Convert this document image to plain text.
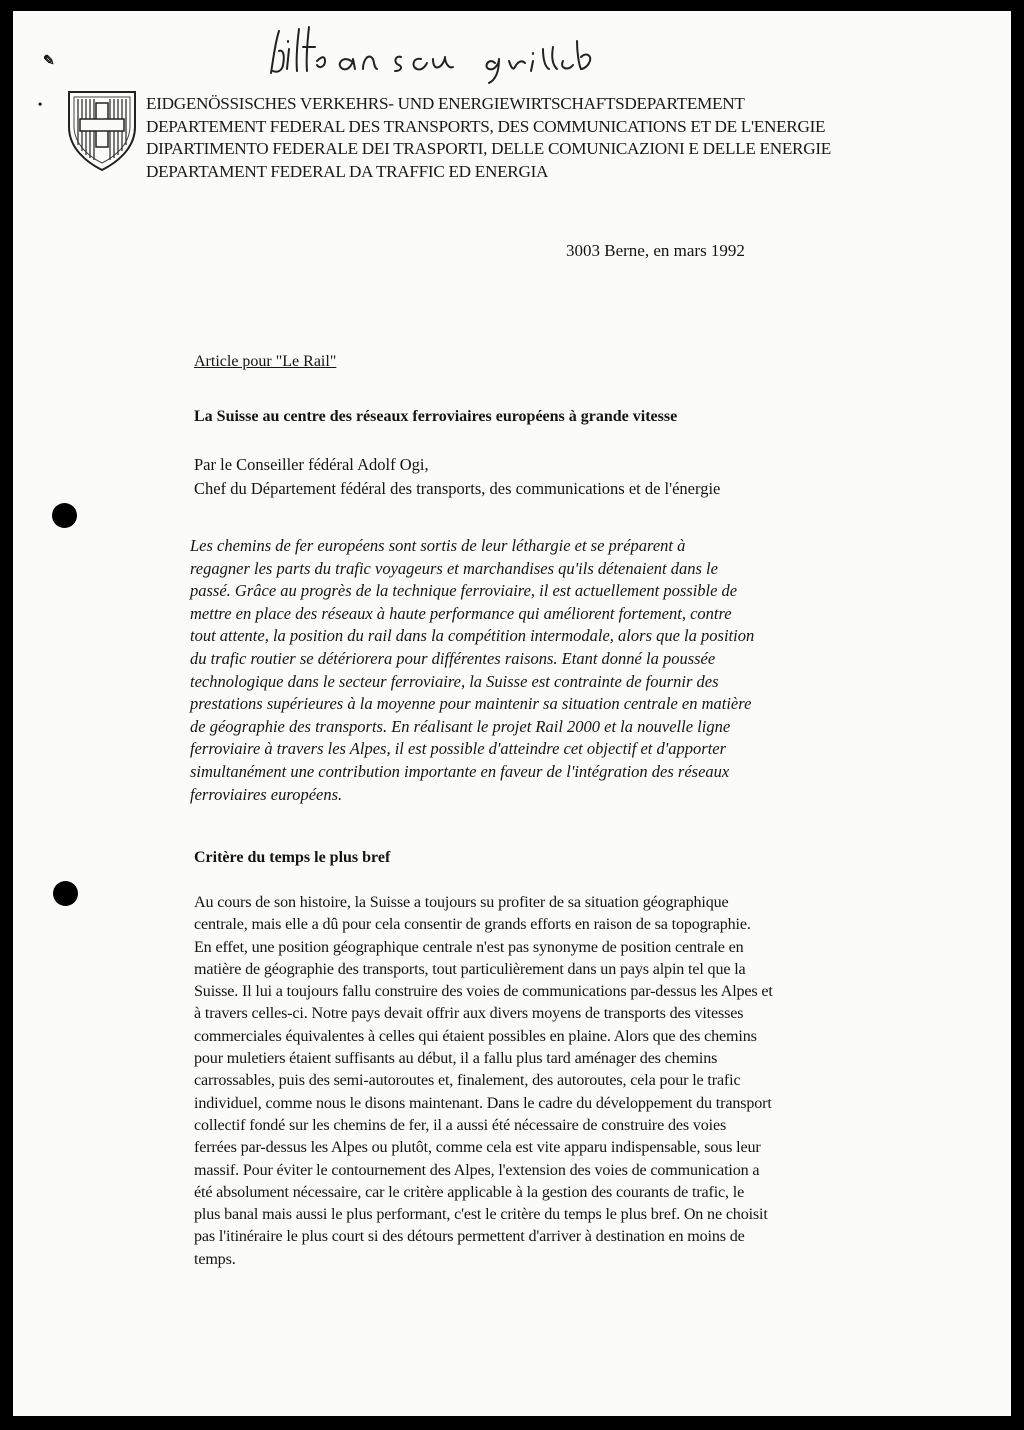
✎
•	EIDGENÖSSISCHES VERKEHRS- UND ENERGIEWIRTSCHAFTSDEPARTEMENT
DEPARTEMENT FEDERAL DES TRANSPORTS, DES COMMUNICATIONS ET DE L'ENERGIE
DIPARTIMENTO FEDERALE DEI TRASPORTI, DELLE COMUNICAZIONI E DELLE ENERGIE
DEPARTAMENT FEDERAL DA TRAFFIC ED ENERGIA
3003 Berne, en mars 1992
Article pour "Le Rail"
La Suisse au centre des réseaux ferroviaires européens à grande vitesse
Par le Conseiller fédéral Adolf Ogi,
Chef du Département fédéral des transports, des communications et de l'énergie
Les chemins de fer européens sont sortis de leur léthargie et se préparent à
regagner les parts du trafic voyageurs et marchandises qu'ils détenaient dans le
passé. Grâce au progrès de la technique ferroviaire, il est actuellement possible de
mettre en place des réseaux à haute performance qui améliorent fortement, contre
tout attente, la position du rail dans la compétition intermodale, alors que la position
du trafic routier se détériorera pour différentes raisons. Etant donné la poussée
technologique dans le secteur ferroviaire, la Suisse est contrainte de fournir des
prestations supérieures à la moyenne pour maintenir sa situation centrale en matière
de géographie des transports. En réalisant le projet Rail 2000 et la nouvelle ligne
ferroviaire à travers les Alpes, il est possible d'atteindre cet objectif et d'apporter
simultanément une contribution importante en faveur de l'intégration des réseaux
ferroviaires européens.
Critère du temps le plus bref
Au cours de son histoire, la Suisse a toujours su profiter de sa situation géographique
centrale, mais elle a dû pour cela consentir de grands efforts en raison de sa topographie.
En effet, une position géographique centrale n'est pas synonyme de position centrale en
matière de géographie des transports, tout particulièrement dans un pays alpin tel que la
Suisse. Il lui a toujours fallu construire des voies de communications par-dessus les Alpes et
à travers celles-ci. Notre pays devait offrir aux divers moyens de transports des vitesses
commerciales équivalentes à celles qui étaient possibles en plaine. Alors que des chemins
pour muletiers étaient suffisants au début, il a fallu plus tard aménager des chemins
carrossables, puis des semi-autoroutes et, finalement, des autoroutes, cela pour le trafic
individuel, comme nous le disons maintenant. Dans le cadre du développement du transport
collectif fondé sur les chemins de fer, il a aussi été nécessaire de construire des voies
ferrées par-dessus les Alpes ou plutôt, comme cela est vite apparu indispensable, sous leur
massif. Pour éviter le contournement des Alpes, l'extension des voies de communication a
été absolument nécessaire, car le critère applicable à la gestion des courants de trafic, le
plus banal mais aussi le plus performant, c'est le critère du temps le plus bref. On ne choisit
pas l'itinéraire le plus court si des détours permettent d'arriver à destination en moins de
temps.
